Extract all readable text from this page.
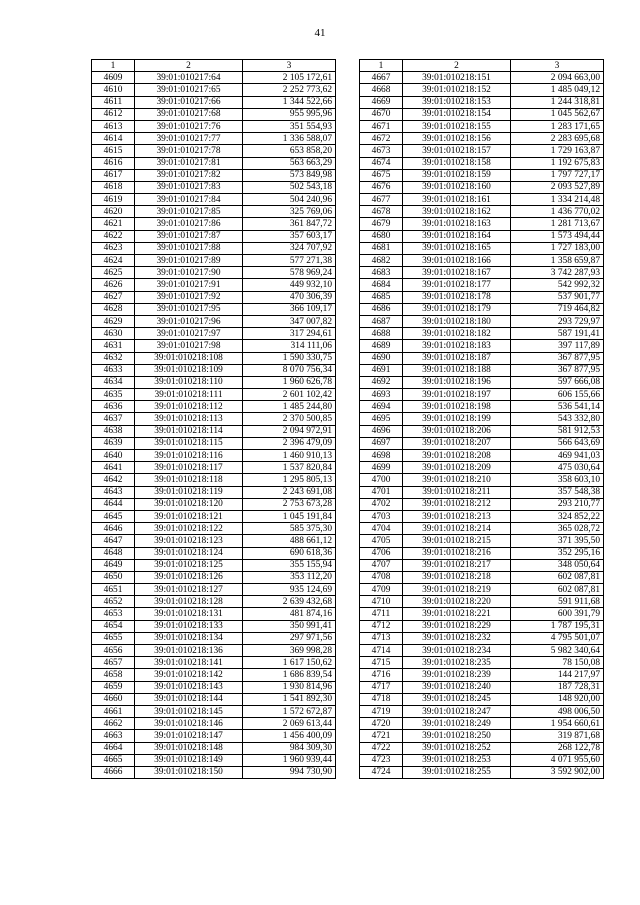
41
1	2	3
4609	39:01:010217:64	2 105 172,61
4610	39:01:010217:65	2 252 773,62
4611	39:01:010217:66	1 344 522,66
4612	39:01:010217:68	955 995,96
4613	39:01:010217:76	351 554,93
4614	39:01:010217:77	1 336 588,07
4615	39:01:010217:78	653 858,20
4616	39:01:010217:81	563 663,29
4617	39:01:010217:82	573 849,98
4618	39:01:010217:83	502 543,18
4619	39:01:010217:84	504 240,96
4620	39:01:010217:85	325 769,06
4621	39:01:010217:86	361 847,72
4622	39:01:010217:87	357 603,17
4623	39:01:010217:88	324 707,92
4624	39:01:010217:89	577 271,38
4625	39:01:010217:90	578 969,24
4626	39:01:010217:91	449 932,10
4627	39:01:010217:92	470 306,39
4628	39:01:010217:95	366 109,17
4629	39:01:010217:96	347 007,82
4630	39:01:010217:97	317 294,61
4631	39:01:010217:98	314 111,06
4632	39:01:010218:108	1 590 330,75
4633	39:01:010218:109	8 070 756,34
4634	39:01:010218:110	1 960 626,78
4635	39:01:010218:111	2 601 102,42
4636	39:01:010218:112	1 485 244,80
4637	39:01:010218:113	2 370 500,85
4638	39:01:010218:114	2 094 972,91
4639	39:01:010218:115	2 396 479,09
4640	39:01:010218:116	1 460 910,13
4641	39:01:010218:117	1 537 820,84
4642	39:01:010218:118	1 295 805,13
4643	39:01:010218:119	2 243 691,08
4644	39:01:010218:120	2 753 673,28
4645	39:01:010218:121	1 045 191,84
4646	39:01:010218:122	585 375,30
4647	39:01:010218:123	488 661,12
4648	39:01:010218:124	690 618,36
4649	39:01:010218:125	355 155,94
4650	39:01:010218:126	353 112,20
4651	39:01:010218:127	935 124,69
4652	39:01:010218:128	2 639 432,68
4653	39:01:010218:131	481 874,16
4654	39:01:010218:133	350 991,41
4655	39:01:010218:134	297 971,56
4656	39:01:010218:136	369 998,28
4657	39:01:010218:141	1 617 150,62
4658	39:01:010218:142	1 686 839,54
4659	39:01:010218:143	1 930 814,96
4660	39:01:010218:144	1 541 892,30
4661	39:01:010218:145	1 572 672,87
4662	39:01:010218:146	2 069 613,44
4663	39:01:010218:147	1 456 400,09
4664	39:01:010218:148	984 309,30
4665	39:01:010218:149	1 960 939,44
4666	39:01:010218:150	994 730,90
1	2	3
4667	39:01:010218:151	2 094 663,00
4668	39:01:010218:152	1 485 049,12
4669	39:01:010218:153	1 244 318,81
4670	39:01:010218:154	1 045 562,67
4671	39:01:010218:155	1 283 171,65
4672	39:01:010218:156	2 283 695,68
4673	39:01:010218:157	1 729 163,87
4674	39:01:010218:158	1 192 675,83
4675	39:01:010218:159	1 797 727,17
4676	39:01:010218:160	2 093 527,89
4677	39:01:010218:161	1 334 214,48
4678	39:01:010218:162	1 436 770,02
4679	39:01:010218:163	1 281 713,67
4680	39:01:010218:164	1 573 494,44
4681	39:01:010218:165	1 727 183,00
4682	39:01:010218:166	1 358 659,87
4683	39:01:010218:167	3 742 287,93
4684	39:01:010218:177	542 992,32
4685	39:01:010218:178	537 901,77
4686	39:01:010218:179	719 464,82
4687	39:01:010218:180	293 729,97
4688	39:01:010218:182	587 191,41
4689	39:01:010218:183	397 117,89
4690	39:01:010218:187	367 877,95
4691	39:01:010218:188	367 877,95
4692	39:01:010218:196	597 666,08
4693	39:01:010218:197	606 155,66
4694	39:01:010218:198	536 541,14
4695	39:01:010218:199	543 332,80
4696	39:01:010218:206	581 912,53
4697	39:01:010218:207	566 643,69
4698	39:01:010218:208	469 941,03
4699	39:01:010218:209	475 030,64
4700	39:01:010218:210	358 603,10
4701	39:01:010218:211	357 548,38
4702	39:01:010218:212	293 210,77
4703	39:01:010218:213	324 852,22
4704	39:01:010218:214	365 028,72
4705	39:01:010218:215	371 395,50
4706	39:01:010218:216	352 295,16
4707	39:01:010218:217	348 050,64
4708	39:01:010218:218	602 087,81
4709	39:01:010218:219	602 087,81
4710	39:01:010218:220	591 911,68
4711	39:01:010218:221	600 391,79
4712	39:01:010218:229	1 787 195,31
4713	39:01:010218:232	4 795 501,07
4714	39:01:010218:234	5 982 340,64
4715	39:01:010218:235	78 150,08
4716	39:01:010218:239	144 217,97
4717	39:01:010218:240	187 728,31
4718	39:01:010218:245	148 920,00
4719	39:01:010218:247	498 006,50
4720	39:01:010218:249	1 954 660,61
4721	39:01:010218:250	319 871,68
4722	39:01:010218:252	268 122,78
4723	39:01:010218:253	4 071 955,60
4724	39:01:010218:255	3 592 902,00
